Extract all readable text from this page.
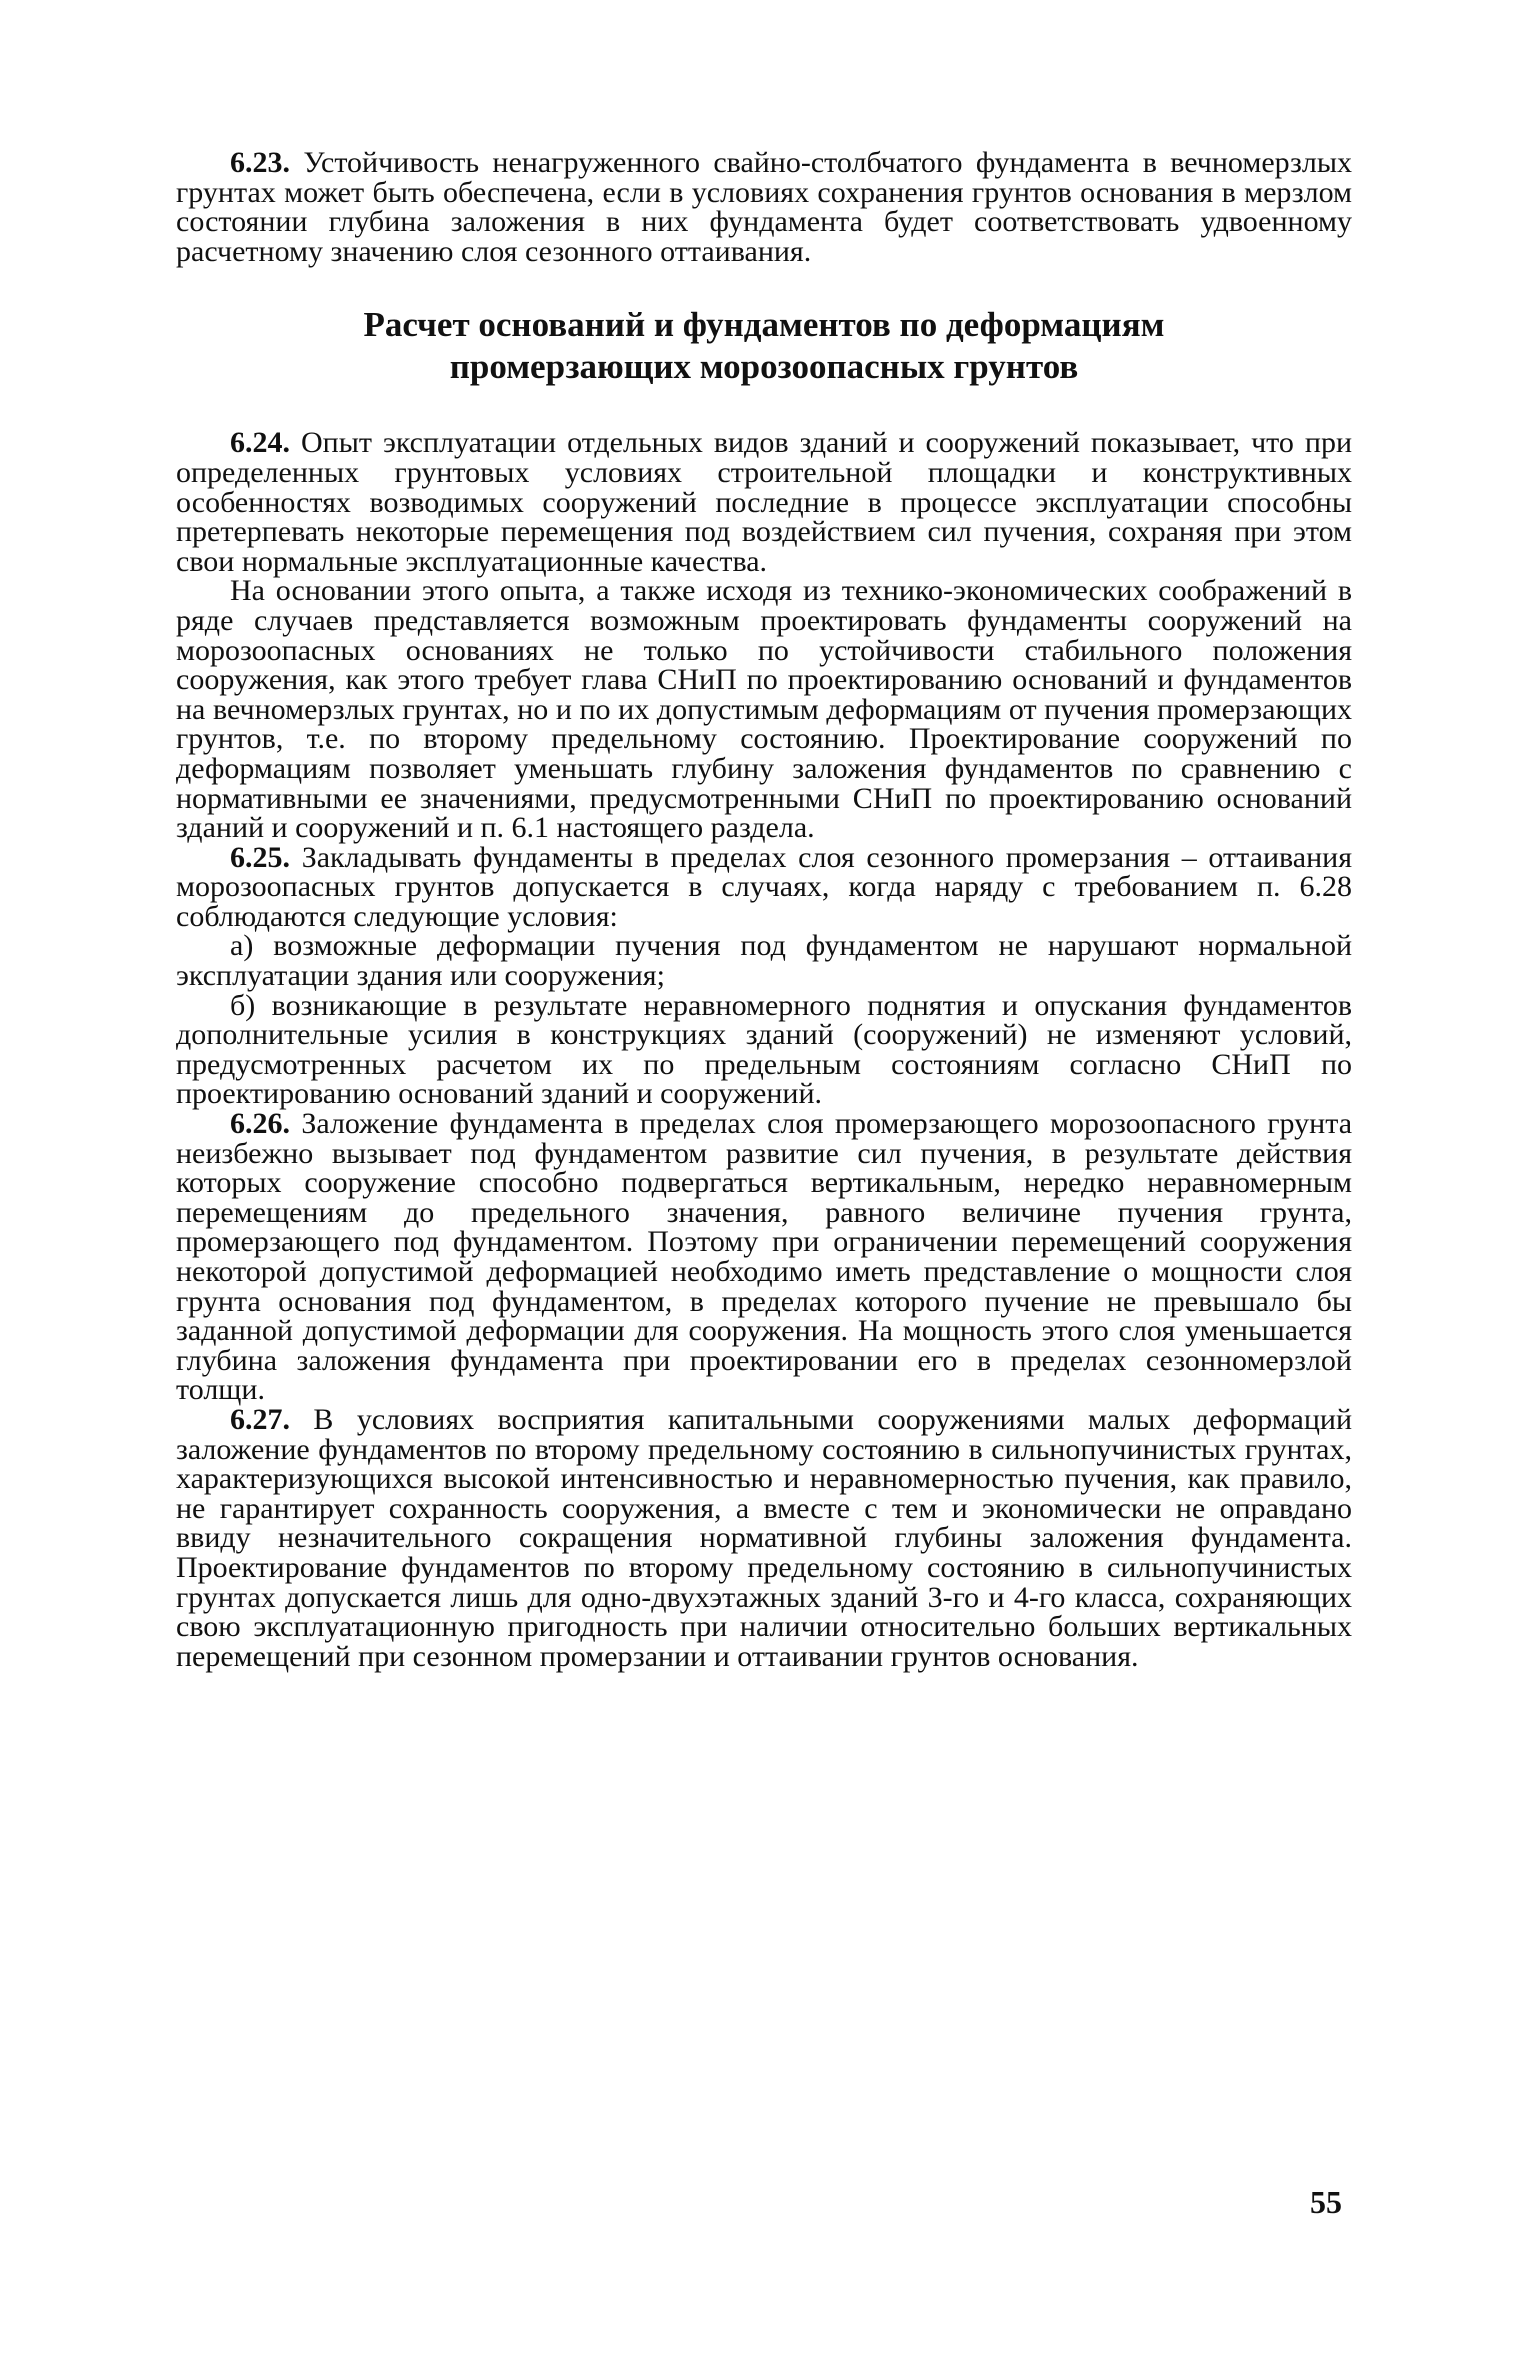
6.23. Устойчивость ненагруженного свайно-столбчатого фундамента в вечномерзлых грунтах может быть обеспечена, если в условиях сохранения грунтов основания в мерзлом состоянии глубина заложения в них фундамента будет соответствовать удвоенному расчетному значению слоя сезонного оттаивания.

Расчет оснований и фундаментов по деформациям
промерзающих морозоопасных грунтов

6.24. Опыт эксплуатации отдельных видов зданий и сооружений показывает, что при определенных грунтовых условиях строительной площадки и конструктивных особенностях возводимых сооружений последние в процессе эксплуатации способны претерпевать некоторые перемещения под воздействием сил пучения, сохраняя при этом свои нормальные эксплуатационные качества.

На основании этого опыта, а также исходя из технико-экономических соображений в ряде случаев представляется возможным проектировать фундаменты сооружений на морозоопасных основаниях не только по устойчивости стабильного положения сооружения, как этого требует глава СНиП по проектированию оснований и фундаментов на вечномерзлых грунтах, но и по их допустимым деформациям от пучения промерзающих грунтов, т.е. по второму предельному состоянию. Проектирование сооружений по деформациям позволяет уменьшать глубину заложения фундаментов по сравнению с нормативными ее значениями, предусмотренными СНиП по проектированию оснований зданий и сооружений и п. 6.1 настоящего раздела.

6.25. Закладывать фундаменты в пределах слоя сезонного промерзания – оттаивания морозоопасных грунтов допускается в случаях, когда наряду с требованием п. 6.28 соблюдаются следующие условия:

а) возможные деформации пучения под фундаментом не нарушают нормальной эксплуатации здания или сооружения;

б) возникающие в результате неравномерного поднятия и опускания фундаментов дополнительные усилия в конструкциях зданий (сооружений) не изменяют условий, предусмотренных расчетом их по предельным состояниям согласно СНиП по проектированию оснований зданий и сооружений.

6.26. Заложение фундамента в пределах слоя промерзающего морозоопасного грунта неизбежно вызывает под фундаментом развитие сил пучения, в результате действия которых сооружение способно подвергаться вертикальным, нередко неравномерным перемещениям до предельного значения, равного величине пучения грунта, промерзающего под фундаментом. Поэтому при ограничении перемещений сооружения некоторой допустимой деформацией необходимо иметь представление о мощности слоя грунта основания под фундаментом, в пределах которого пучение не превышало бы заданной допустимой деформации для сооружения. На мощность этого слоя уменьшается глубина заложения фундамента при проектировании его в пределах сезонномерзлой толщи.

6.27. В условиях восприятия капитальными сооружениями малых деформаций заложение фундаментов по второму предельному состоянию в сильнопучинистых грунтах, характеризующихся высокой интенсивностью и неравномерностью пучения, как правило, не гарантирует сохранность сооружения, а вместе с тем и экономически не оправдано ввиду незначительного сокращения нормативной глубины заложения фундамента. Проектирование фундаментов по второму предельному состоянию в сильнопучинистых грунтах допускается лишь для одно-двухэтажных зданий 3-го и 4-го класса, сохраняющих свою эксплуатационную пригодность при наличии относительно больших вертикальных перемещений при сезонном промерзании и оттаивании грунтов основания.

55
